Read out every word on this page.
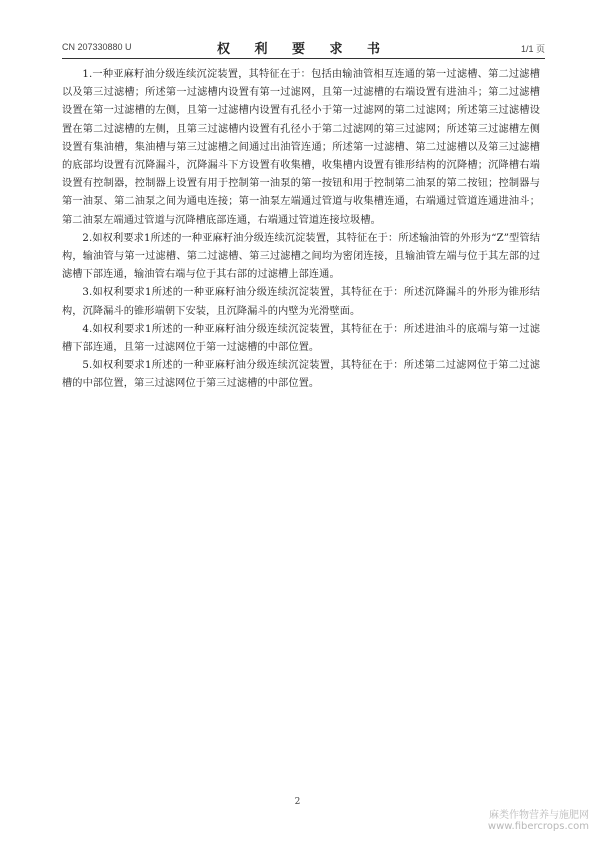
CN 207330880 U	权 利 要 求 书	1/1 页

1.一种亚麻籽油分级连续沉淀装置，其特征在于：包括由输油管相互连通的第一过滤槽、第二过滤槽以及第三过滤槽；所述第一过滤槽内设置有第一过滤网，且第一过滤槽的右端设置有进油斗；第二过滤槽设置在第一过滤槽的左侧，且第一过滤槽内设置有孔径小于第一过滤网的第二过滤网；所述第三过滤槽设置在第二过滤槽的左侧，且第三过滤槽内设置有孔径小于第二过滤网的第三过滤网；所述第三过滤槽左侧设置有集油槽，集油槽与第三过滤槽之间通过出油管连通；所述第一过滤槽、第二过滤槽以及第三过滤槽的底部均设置有沉降漏斗，沉降漏斗下方设置有收集槽，收集槽内设置有锥形结构的沉降槽；沉降槽右端设置有控制器，控制器上设置有用于控制第一油泵的第一按钮和用于控制第二油泵的第二按钮；控制器与第一油泵、第二油泵之间为通电连接；第一油泵左端通过管道与收集槽连通，右端通过管道连通进油斗；第二油泵左端通过管道与沉降槽底部连通，右端通过管道连接垃圾槽。

2.如权利要求1所述的一种亚麻籽油分级连续沉淀装置，其特征在于：所述输油管的外形为“Z”型管结构，输油管与第一过滤槽、第二过滤槽、第三过滤槽之间均为密闭连接，且输油管左端与位于其左部的过滤槽下部连通，输油管右端与位于其右部的过滤槽上部连通。

3.如权利要求1所述的一种亚麻籽油分级连续沉淀装置，其特征在于：所述沉降漏斗的外形为锥形结构，沉降漏斗的锥形端朝下安装，且沉降漏斗的内壁为光滑壁面。

4.如权利要求1所述的一种亚麻籽油分级连续沉淀装置，其特征在于：所述进油斗的底端与第一过滤槽下部连通，且第一过滤网位于第一过滤槽的中部位置。

5.如权利要求1所述的一种亚麻籽油分级连续沉淀装置，其特征在于：所述第二过滤网位于第二过滤槽的中部位置，第三过滤网位于第三过滤槽的中部位置。

2
麻类作物营养与施肥网
www.fibercrops.com
